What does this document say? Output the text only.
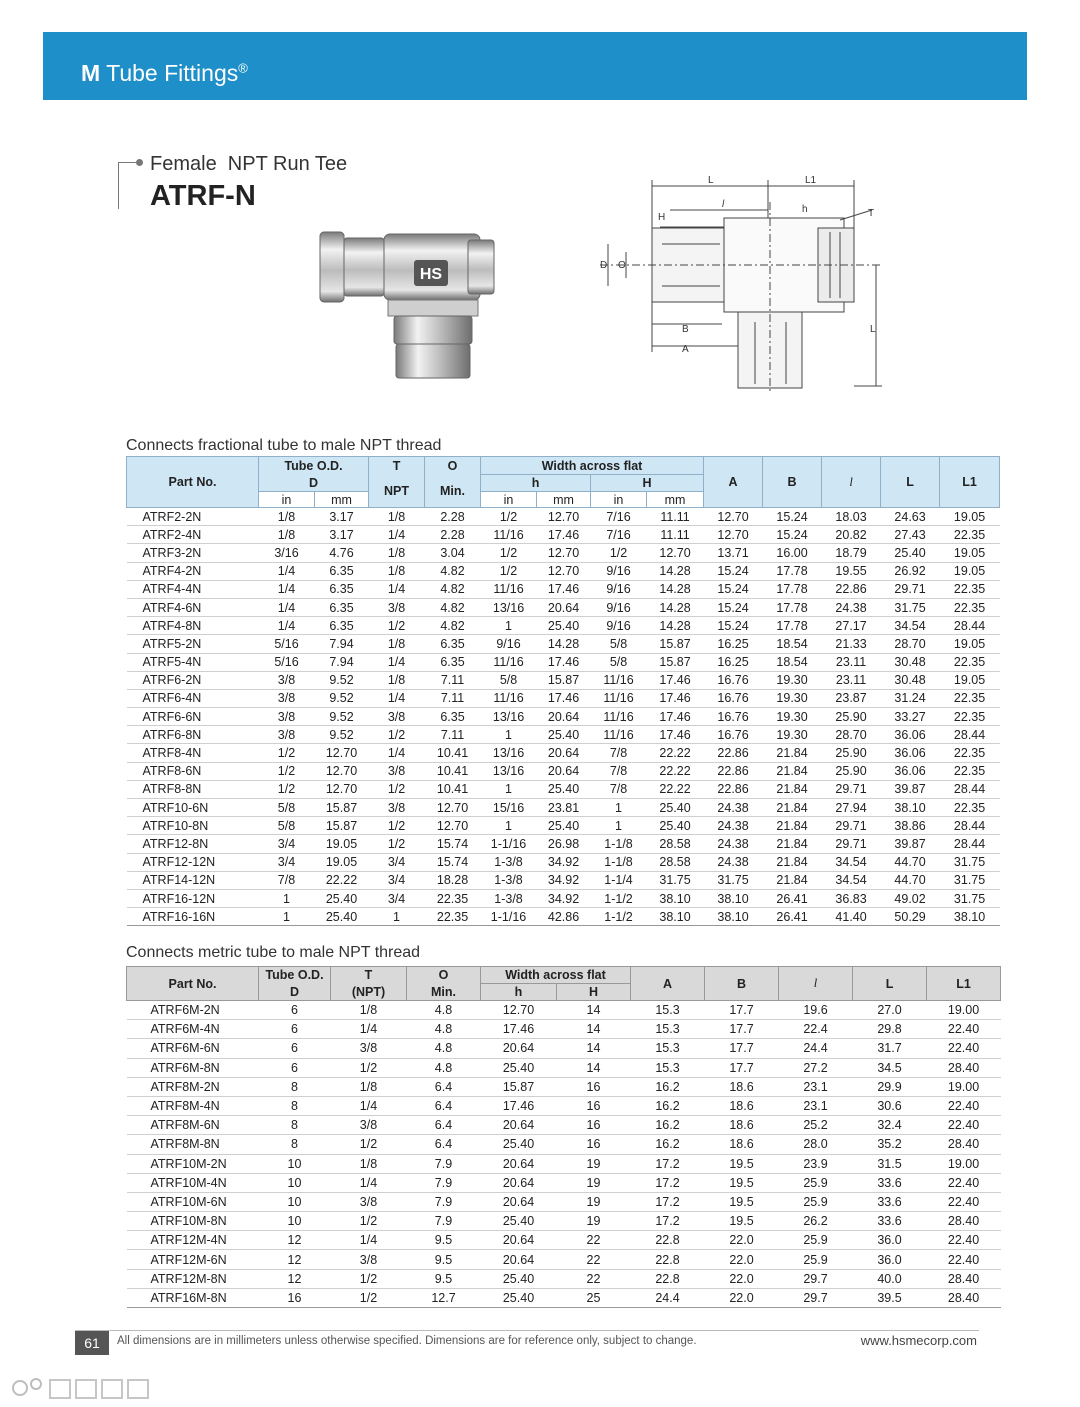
M Tube Fittings®
Female  NPT Run Tee
ATRF-N
HS
L	L1
l	h	T
H
D O
B
A
L
Connects fractional tube to male NPT thread
Part No.	Tube O.D.		T	O	Width across flat				A	B	l	L	L1
	D		NPT	Min.	h		H						
	in	mm			in	mm	in	mm					
ATRF2-2N	1/8	3.17	1/8	2.28	1/2	12.70	7/16	11.11	12.70	15.24	18.03	24.63	19.05
ATRF2-4N	1/8	3.17	1/4	2.28	11/16	17.46	7/16	11.11	12.70	15.24	20.82	27.43	22.35
ATRF3-2N	3/16	4.76	1/8	3.04	1/2	12.70	1/2	12.70	13.71	16.00	18.79	25.40	19.05
ATRF4-2N	1/4	6.35	1/8	4.82	1/2	12.70	9/16	14.28	15.24	17.78	19.55	26.92	19.05
ATRF4-4N	1/4	6.35	1/4	4.82	11/16	17.46	9/16	14.28	15.24	17.78	22.86	29.71	22.35
ATRF4-6N	1/4	6.35	3/8	4.82	13/16	20.64	9/16	14.28	15.24	17.78	24.38	31.75	22.35
ATRF4-8N	1/4	6.35	1/2	4.82	1	25.40	9/16	14.28	15.24	17.78	27.17	34.54	28.44
ATRF5-2N	5/16	7.94	1/8	6.35	9/16	14.28	5/8	15.87	16.25	18.54	21.33	28.70	19.05
ATRF5-4N	5/16	7.94	1/4	6.35	11/16	17.46	5/8	15.87	16.25	18.54	23.11	30.48	22.35
ATRF6-2N	3/8	9.52	1/8	7.11	5/8	15.87	11/16	17.46	16.76	19.30	23.11	30.48	19.05
ATRF6-4N	3/8	9.52	1/4	7.11	11/16	17.46	11/16	17.46	16.76	19.30	23.87	31.24	22.35
ATRF6-6N	3/8	9.52	3/8	6.35	13/16	20.64	11/16	17.46	16.76	19.30	25.90	33.27	22.35
ATRF6-8N	3/8	9.52	1/2	7.11	1	25.40	11/16	17.46	16.76	19.30	28.70	36.06	28.44
ATRF8-4N	1/2	12.70	1/4	10.41	13/16	20.64	7/8	22.22	22.86	21.84	25.90	36.06	22.35
ATRF8-6N	1/2	12.70	3/8	10.41	13/16	20.64	7/8	22.22	22.86	21.84	25.90	36.06	22.35
ATRF8-8N	1/2	12.70	1/2	10.41	1	25.40	7/8	22.22	22.86	21.84	29.71	39.87	28.44
ATRF10-6N	5/8	15.87	3/8	12.70	15/16	23.81	1	25.40	24.38	21.84	27.94	38.10	22.35
ATRF10-8N	5/8	15.87	1/2	12.70	1	25.40	1	25.40	24.38	21.84	29.71	38.86	28.44
ATRF12-8N	3/4	19.05	1/2	15.74	1-1/16	26.98	1-1/8	28.58	24.38	21.84	29.71	39.87	28.44
ATRF12-12N	3/4	19.05	3/4	15.74	1-3/8	34.92	1-1/8	28.58	24.38	21.84	34.54	44.70	31.75
ATRF14-12N	7/8	22.22	3/4	18.28	1-3/8	34.92	1-1/4	31.75	31.75	21.84	34.54	44.70	31.75
ATRF16-12N	1	25.40	3/4	22.35	1-3/8	34.92	1-1/2	38.10	38.10	26.41	36.83	49.02	31.75
ATRF16-16N	1	25.40	1	22.35	1-1/16	42.86	1-1/2	38.10	38.10	26.41	41.40	50.29	38.10
Connects metric tube to male NPT thread
Part No.	Tube O.D.	T	O	Width across flat		A	B	l	L	L1
	D	(NPT)	Min.	h	H					
ATRF6M-2N	6	1/8	4.8	12.70	14	15.3	17.7	19.6	27.0	19.00
ATRF6M-4N	6	1/4	4.8	17.46	14	15.3	17.7	22.4	29.8	22.40
ATRF6M-6N	6	3/8	4.8	20.64	14	15.3	17.7	24.4	31.7	22.40
ATRF6M-8N	6	1/2	4.8	25.40	14	15.3	17.7	27.2	34.5	28.40
ATRF8M-2N	8	1/8	6.4	15.87	16	16.2	18.6	23.1	29.9	19.00
ATRF8M-4N	8	1/4	6.4	17.46	16	16.2	18.6	23.1	30.6	22.40
ATRF8M-6N	8	3/8	6.4	20.64	16	16.2	18.6	25.2	32.4	22.40
ATRF8M-8N	8	1/2	6.4	25.40	16	16.2	18.6	28.0	35.2	28.40
ATRF10M-2N	10	1/8	7.9	20.64	19	17.2	19.5	23.9	31.5	19.00
ATRF10M-4N	10	1/4	7.9	20.64	19	17.2	19.5	25.9	33.6	22.40
ATRF10M-6N	10	3/8	7.9	20.64	19	17.2	19.5	25.9	33.6	22.40
ATRF10M-8N	10	1/2	7.9	25.40	19	17.2	19.5	26.2	33.6	28.40
ATRF12M-4N	12	1/4	9.5	20.64	22	22.8	22.0	25.9	36.0	22.40
ATRF12M-6N	12	3/8	9.5	20.64	22	22.8	22.0	25.9	36.0	22.40
ATRF12M-8N	12	1/2	9.5	25.40	22	22.8	22.0	29.7	40.0	28.40
ATRF16M-8N	16	1/2	12.7	25.40	25	24.4	22.0	29.7	39.5	28.40
61	All dimensions are in millimeters unless otherwise specified. Dimensions are for reference only, subject to change.	www.hsmecorp.com
